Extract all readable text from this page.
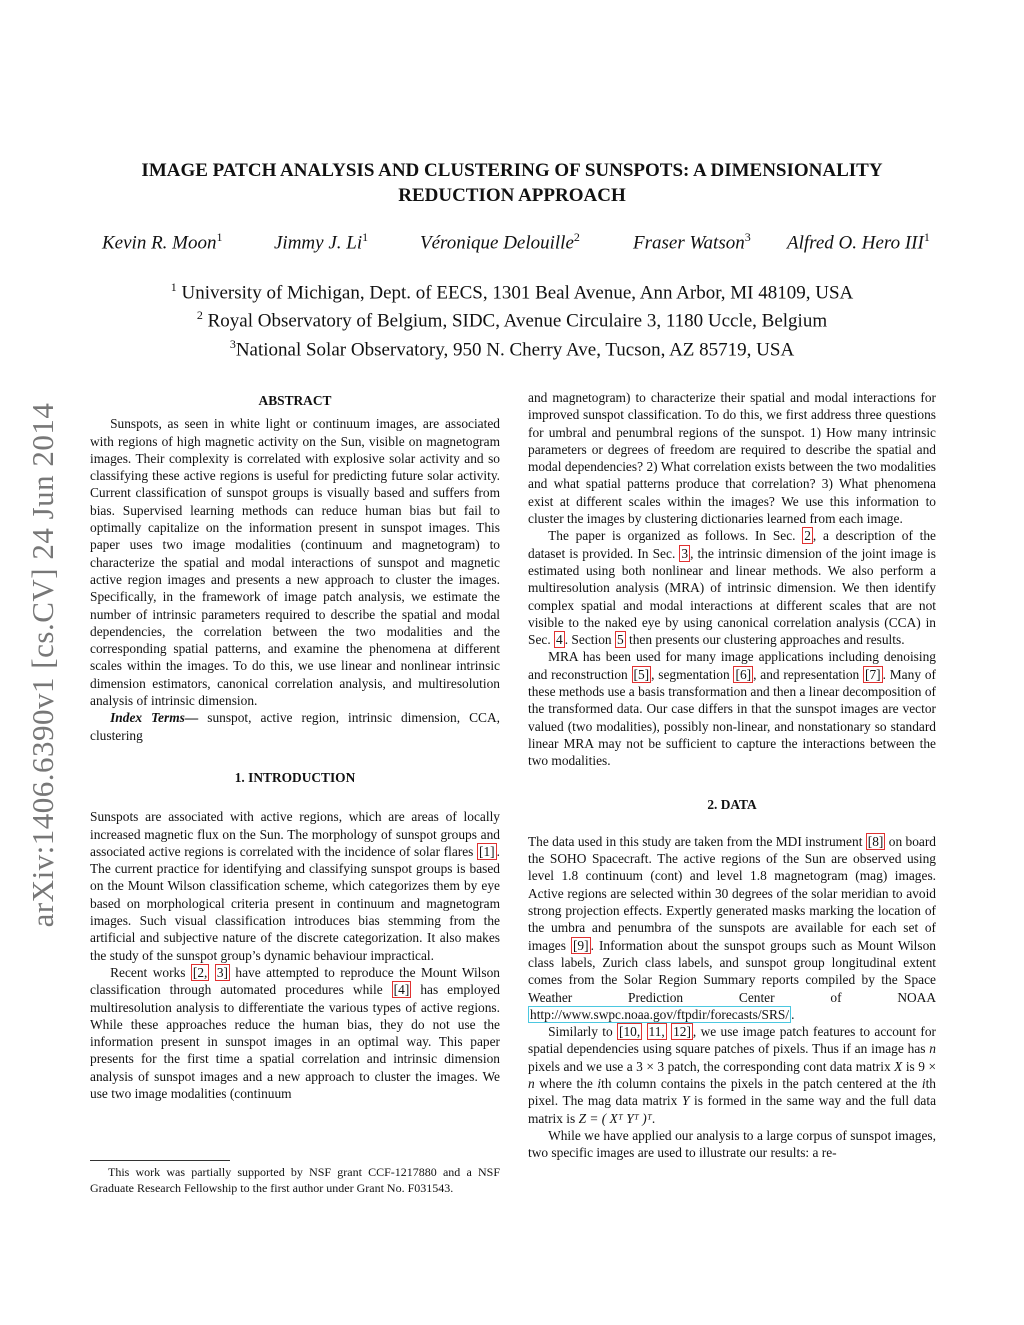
arXiv:1406.6390v1 [cs.CV] 24 Jun 2014
IMAGE PATCH ANALYSIS AND CLUSTERING OF SUNSPOTS: A DIMENSIONALITY REDUCTION APPROACH
Kevin R. Moon$^1$	Jimmy J. Li$^1$	Véronique Delouille$^2$	Fraser Watson$^3$ Alfred O. Hero III$^1$
$^1$ University of Michigan, Dept. of EECS, 1301 Beal Avenue, Ann Arbor, MI 48109, USA
$^2$ Royal Observatory of Belgium, SIDC, Avenue Circulaire 3, 1180 Uccle, Belgium
$^3$National Solar Observatory, 950 N. Cherry Ave, Tucson, AZ 85719, USA
ABSTRACT

Sunspots, as seen in white light or continuum images, are associated with regions of high magnetic activity on the Sun, visible on magnetogram images. Their complexity is correlated with explosive solar activity and so classifying these active regions is useful for predicting future solar activity. Current classification of sunspot groups is visually based and suffers from bias. Supervised learning methods can reduce human bias but fail to optimally capitalize on the information present in sunspot images. This paper uses two image modalities (continuum and magnetogram) to characterize the spatial and modal interactions of sunspot and magnetic active region images and presents a new approach to cluster the images. Specifically, in the framework of image patch analysis, we estimate the number of intrinsic parameters required to describe the spatial and modal dependencies, the correlation between the two modalities and the corresponding spatial patterns, and examine the phenomena at different scales within the images. To do this, we use linear and nonlinear intrinsic dimension estimators, canonical correlation analysis, and multiresolution analysis of intrinsic dimension.

Index Terms— sunspot, active region, intrinsic dimension, CCA, clustering

1. INTRODUCTION

Sunspots are associated with active regions, which are areas of locally increased magnetic flux on the Sun. The morphology of sunspot groups and associated active regions is correlated with the incidence of solar flares [1] . The current practice for identifying and classifying sunspot groups is based on the Mount Wilson classification scheme, which categorizes them by eye based on morphological criteria present in continuum and magnetogram images. Such visual classification introduces bias stemming from the artificial and subjective nature of the discrete categorization. It also makes the study of the sunspot group’s dynamic behaviour impractical.

Recent works [2, 3] have attempted to reproduce the Mount Wilson classification through automated procedures while [4] has employed multiresolution analysis to differentiate the various types of active regions. While these approaches reduce the human bias, they do not use the information present in sunspot images in an optimal way. This paper presents for the first time a spatial correlation and intrinsic dimension analysis of sunspot images and a new approach to cluster the images. We use two image modalities (continuum

This work was partially supported by NSF grant CCF-1217880 and a NSF Graduate Research Fellowship to the first author under Grant No. F031543.

and magnetogram) to characterize their spatial and modal interactions for improved sunspot classification. To do this, we first address three questions for umbral and penumbral regions of the sunspot. 1) How many intrinsic parameters or degrees of freedom are required to describe the spatial and modal dependencies? 2) What correlation exists between the two modalities and what spatial patterns produce that correlation? 3) What phenomena exist at different scales within the images? We use this information to cluster the images by clustering dictionaries learned from each image.

The paper is organized as follows. In Sec. 2 , a description of the dataset is provided. In Sec. 3 , the intrinsic dimension of the joint image is estimated using both nonlinear and linear methods. We also perform a multiresolution analysis (MRA) of intrinsic dimension. We then identify complex spatial and modal interactions at different scales that are not visible to the naked eye by using canonical correlation analysis (CCA) in Sec. 4 . Section 5 then presents our clustering approaches and results.

MRA has been used for many image applications including denoising and reconstruction [5] , segmentation [6] , and representation [7] . Many of these methods use a basis transformation and then a linear decomposition of the transformed data. Our case differs in that the sunspot images are vector valued (two modalities), possibly non-linear, and nonstationary so standard linear MRA may not be sufficient to capture the interactions between the two modalities.

2. DATA

The data used in this study are taken from the MDI instrument [8] on board the SOHO Spacecraft. The active regions of the Sun are observed using level 1.8 continuum (cont) and level 1.8 magnetogram (mag) images. Active regions are selected within 30 degrees of the solar meridian to avoid strong projection effects. Expertly generated masks marking the location of the umbra and penumbra of the sunspots are available for each set of images [9] . Information about the sunspot groups such as Mount Wilson class labels, Zurich class labels, and sunspot group longitudinal extent comes from the Solar Region Summary reports compiled by the Space Weather Prediction Center of NOAA http://www.swpc.noaa.gov/ftpdir/forecasts/SRS/ .

Similarly to [10, 11, 12] , we use image patch features to account for spatial dependencies using square patches of pixels. Thus if an image has n pixels and we use a 3 × 3 patch, the corresponding cont data matrix X is 9 × n where the ith column contains the pixels in the patch centered at the ith pixel. The mag data matrix Y is formed in the same way and the full data matrix is Z = ( Xᵀ Yᵀ )ᵀ.

While we have applied our analysis to a large corpus of sunspot images, two specific images are used to illustrate our results: a re-
